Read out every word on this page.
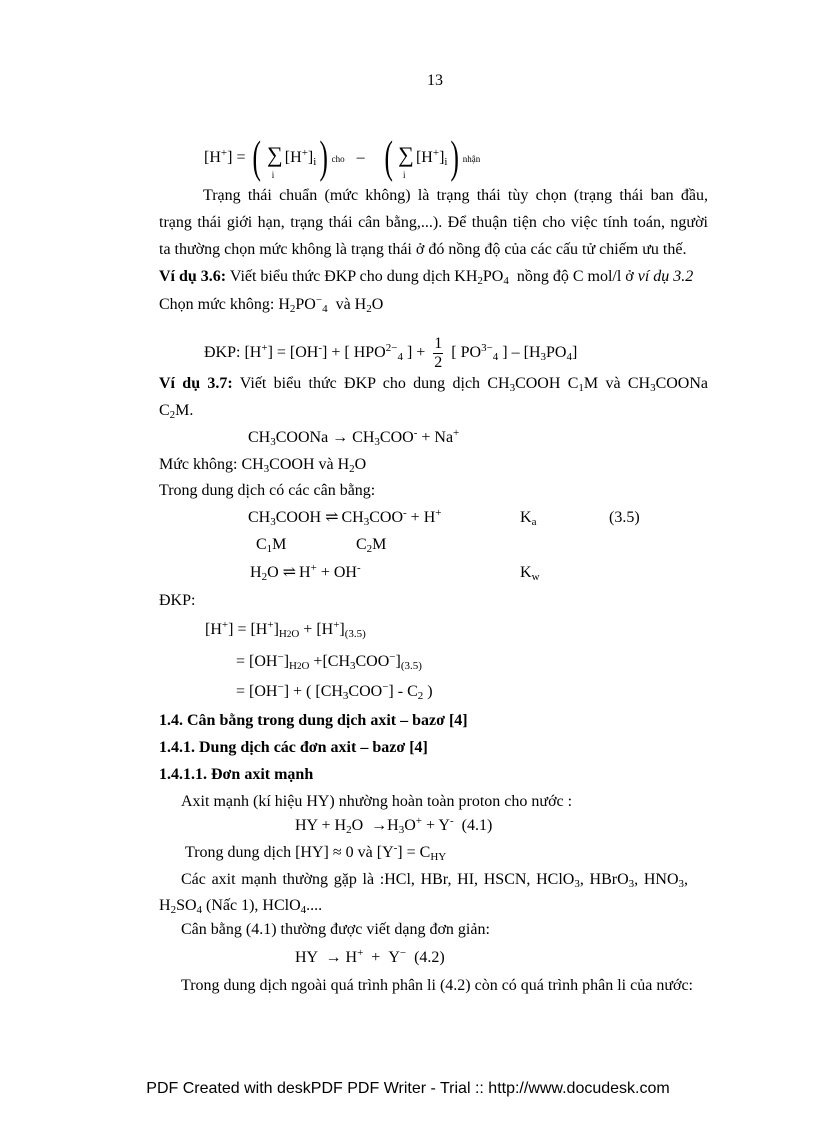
13
[H+] = ( ∑
i
$[H^+]_i$) cho – ( ∑
i
$[H^+]_i$) nhận
Trạng thái chuẩn (mức không) là trạng thái tùy chọn (trạng thái ban đầu,
trạng thái giới hạn, trạng thái cân bằng,...). Để thuận tiện cho việc tính toán, người
ta thường chọn mức không là trạng thái ở đó nồng độ của các cấu tử chiếm ưu thế.
Ví dụ 3.6: Viết biểu thức ĐKP cho dung dịch $KH_2PO_4$ nồng độ C mol/l ở ví dụ 3.2
Chọn mức không: $H_2PO^-_4$ và $H_2O$
ĐKP: [H+] = [OH-] + [ $HPO^{2-}_4$ ] + $\frac{1}{2}$ [ $PO^{3-}_4$ ] – $[H_3PO_4]$
Ví dụ 3.7: Viết biểu thức ĐKP cho dung dịch $CH_3COOH$ $C_1M$ và $CH_3COONa$
$C_2M$.
$CH_3COONa \to CH_3COO^- + Na^+$
Mức không: $CH_3COOH$ và $H_2O$
Trong dung dịch có các cân bằng:
$CH_3COOH$ ⇌ $CH_3COO^- + H^+$	$K_a$	(3.5)
$C_1M$	$C_2M$
$H_2O$ ⇌ H+ + OH-	$K_w$
ĐKP:
$[H^+] = [H^+]_{H2O} + [H^+]_{(3.5)}$
= $[OH^-]_{H2O} +[CH_3COO^-]_{(3.5)}$
= [OH−] + ( $[CH_3COO^-] - C_2$ )
1.4. Cân bằng trong dung dịch axit – bazơ [4]
1.4.1. Dung dịch các đơn axit – bazơ [4]
1.4.1.1. Đơn axit mạnh
Axit mạnh (kí hiệu HY) nhường hoàn toàn proton cho nước :
HY + $H_2O \to H_3O^+ + Y^-$ (4.1)
Trong dung dịch [HY] ≈ 0 và $[Y^-] = C_{HY}$
Các axit mạnh thường gặp là :HCl, HBr, HI, HSCN, HClO$_3$, HBrO$_3$, $HNO_3$,
$H_2SO_4$ (Nấc 1), HClO$_4$....
Cân bằng (4.1) thường được viết dạng đơn giản:
HY  → H+  +  Y− (4.2)
Trong dung dịch ngoài quá trình phân li (4.2) còn có quá trình phân li của nước:
PDF Created with deskPDF PDF Writer - Trial :: http://www.docudesk.com
